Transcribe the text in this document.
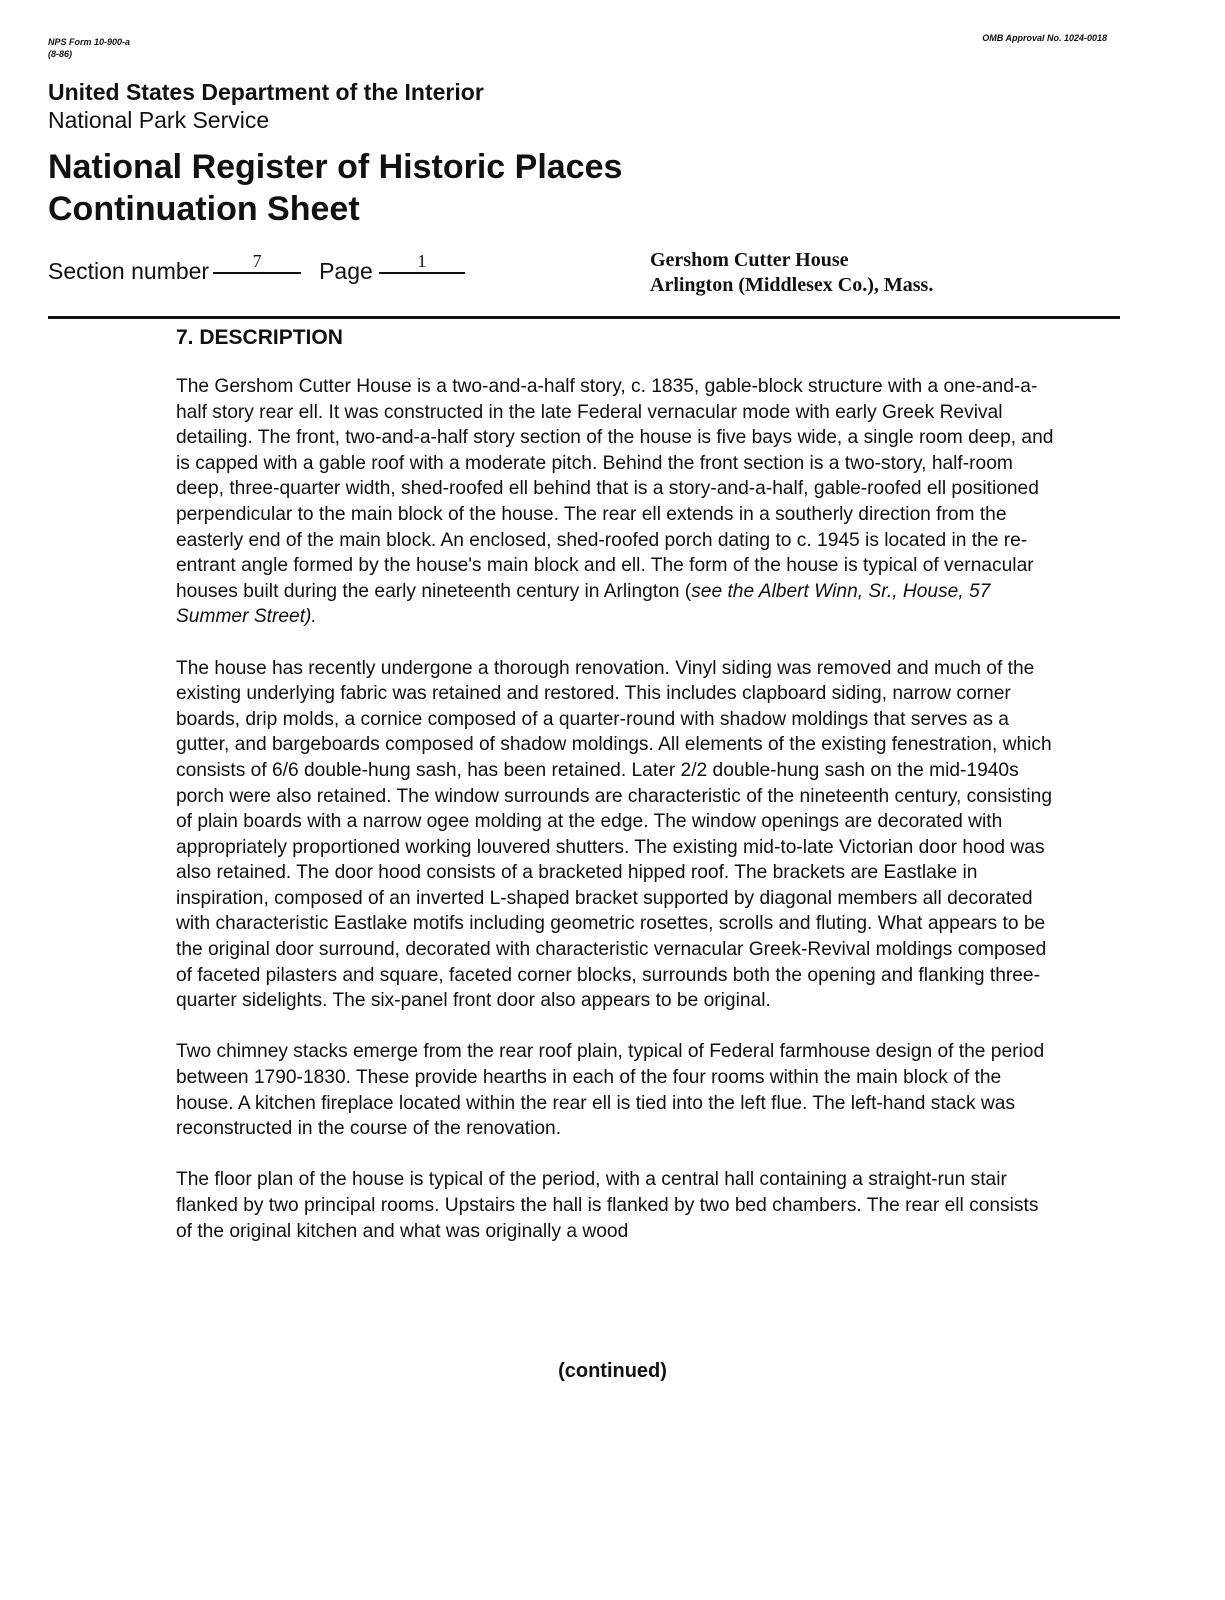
NPS Form 10-900-a
(8-86)
OMB Approval No. 1024-0018
United States Department of the Interior
National Park Service
National Register of Historic Places
Continuation Sheet
Section number 7	Page 1	Gershom Cutter House
Arlington (Middlesex Co.), Mass.
7. DESCRIPTION

The Gershom Cutter House is a two-and-a-half story, c. 1835, gable-block structure with a one-and-a-half story rear ell. It was constructed in the late Federal vernacular mode with early Greek Revival detailing. The front, two-and-a-half story section of the house is five bays wide, a single room deep, and is capped with a gable roof with a moderate pitch. Behind the front section is a two-story, half-room deep, three-quarter width, shed-roofed ell behind that is a story-and-a-half, gable-roofed ell positioned perpendicular to the main block of the house. The rear ell extends in a southerly direction from the easterly end of the main block. An enclosed, shed-roofed porch dating to c. 1945 is located in the re-entrant angle formed by the house's main block and ell. The form of the house is typical of vernacular houses built during the early nineteenth century in Arlington (see the Albert Winn, Sr., House, 57 Summer Street).

The house has recently undergone a thorough renovation. Vinyl siding was removed and much of the existing underlying fabric was retained and restored. This includes clapboard siding, narrow corner boards, drip molds, a cornice composed of a quarter-round with shadow moldings that serves as a gutter, and bargeboards composed of shadow moldings. All elements of the existing fenestration, which consists of 6/6 double-hung sash, has been retained. Later 2/2 double-hung sash on the mid-1940s porch were also retained. The window surrounds are characteristic of the nineteenth century, consisting of plain boards with a narrow ogee molding at the edge. The window openings are decorated with appropriately proportioned working louvered shutters. The existing mid-to-late Victorian door hood was also retained. The door hood consists of a bracketed hipped roof. The brackets are Eastlake in inspiration, composed of an inverted L-shaped bracket supported by diagonal members all decorated with characteristic Eastlake motifs including geometric rosettes, scrolls and fluting. What appears to be the original door surround, decorated with characteristic vernacular Greek-Revival moldings composed of faceted pilasters and square, faceted corner blocks, surrounds both the opening and flanking three-quarter sidelights. The six-panel front door also appears to be original.

Two chimney stacks emerge from the rear roof plain, typical of Federal farmhouse design of the period between 1790-1830. These provide hearths in each of the four rooms within the main block of the house. A kitchen fireplace located within the rear ell is tied into the left flue. The left-hand stack was reconstructed in the course of the renovation.

The floor plan of the house is typical of the period, with a central hall containing a straight-run stair flanked by two principal rooms. Upstairs the hall is flanked by two bed chambers. The rear ell consists of the original kitchen and what was originally a wood

(continued)
